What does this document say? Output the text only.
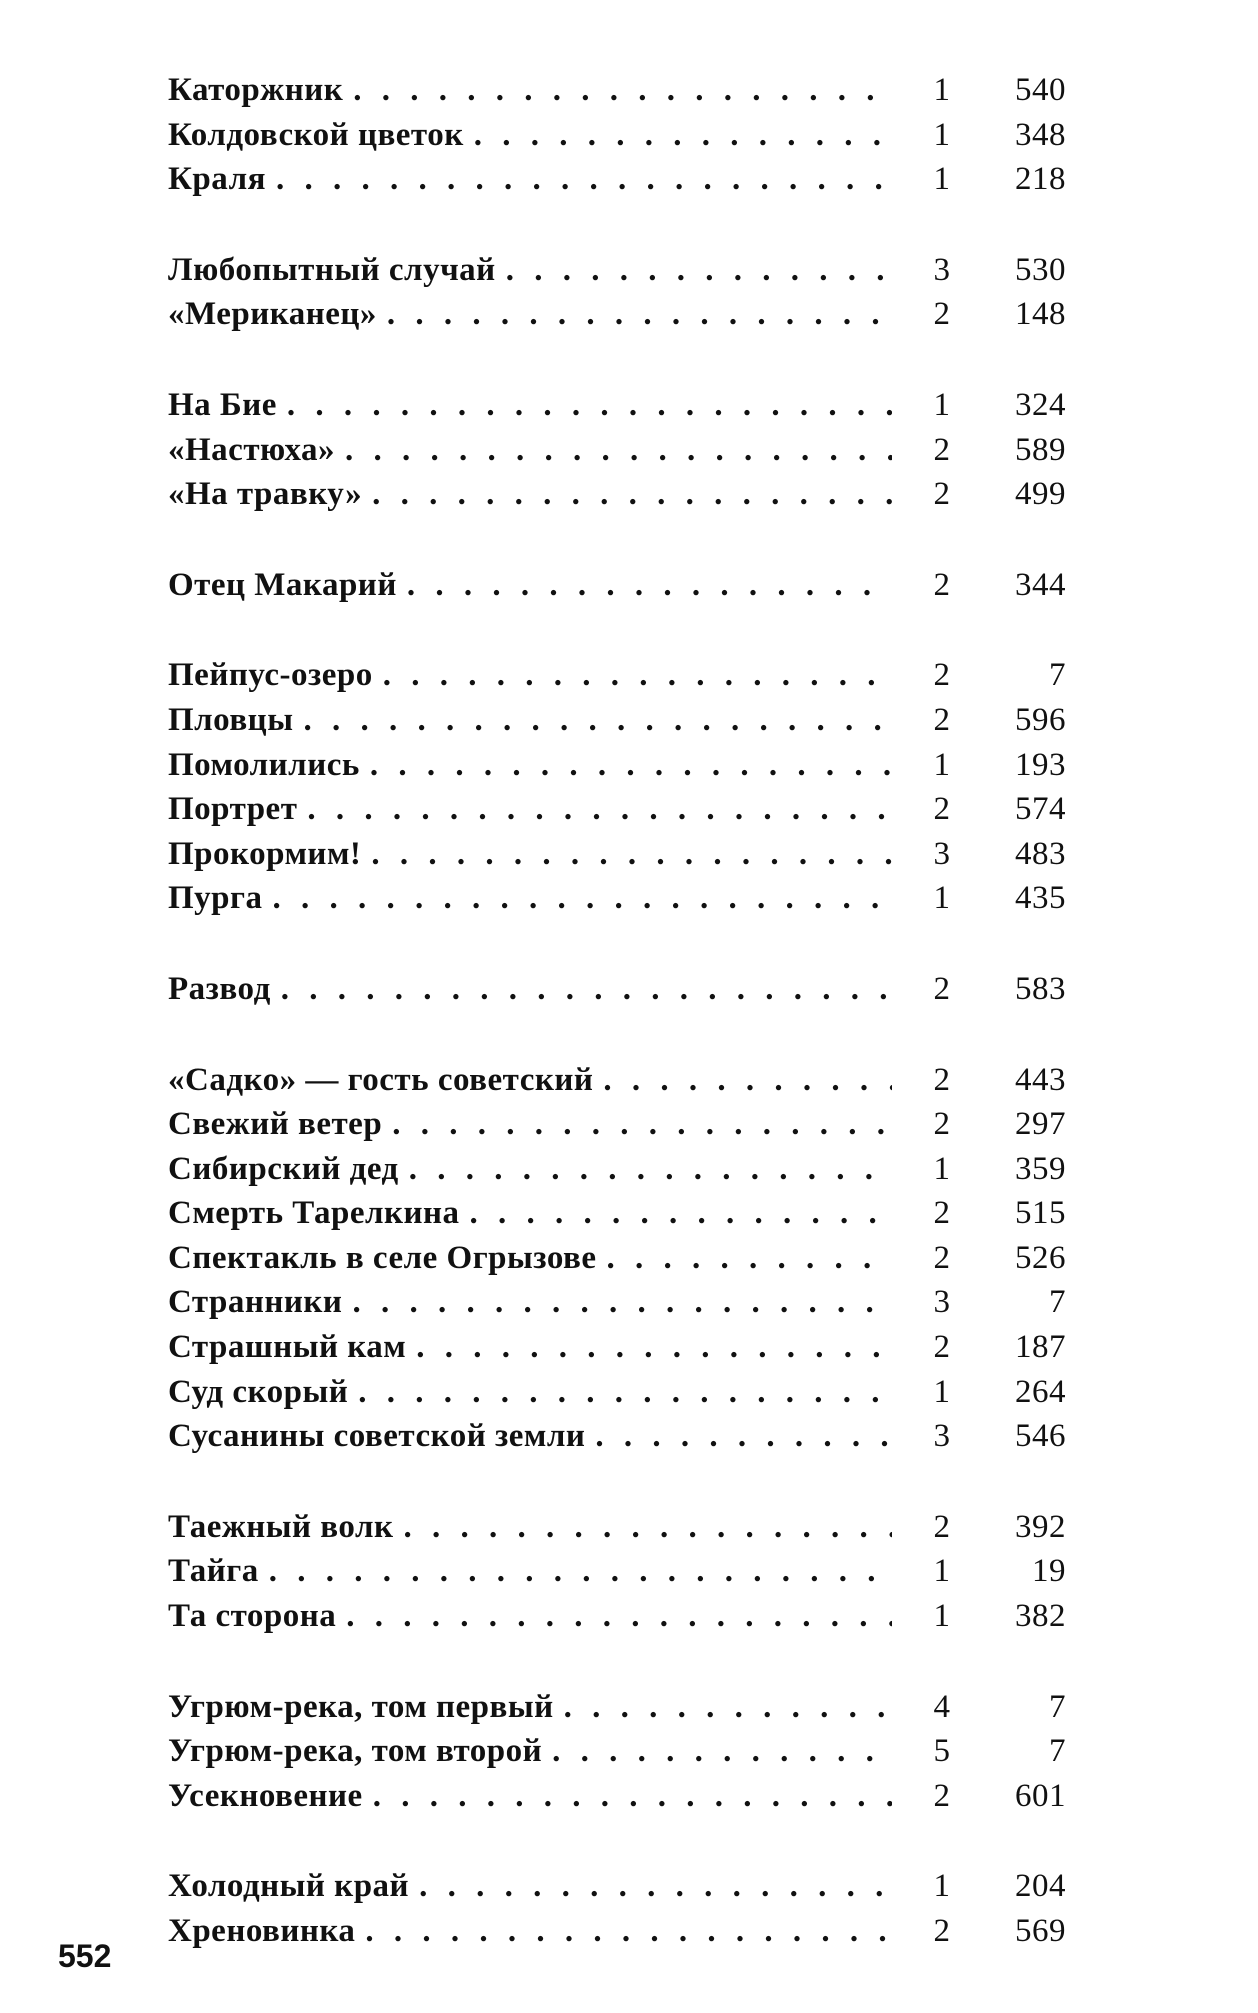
Каторжник . . .	1	540
Колдовской цветок . . .	1	348
Краля . . .	1	218
Любопытный случай . . .	3	530
«Мериканец» . . .	2	148
На Бие . . .	1	324
«Настюха» . . .	2	589
«На травку» . . .	2	499
Отец Макарий . . .	2	344
Пейпус-озеро . . .	2	7
Пловцы . . .	2	596
Помолились . . .	1	193
Портрет . . .	2	574
Прокормим! . . .	3	483
Пурга . . .	1	435
Развод . . .	2	583
«Садко» — гость советский . . .	2	443
Свежий ветер . . .	2	297
Сибирский дед . . .	1	359
Смерть Тарелкина . . .	2	515
Спектакль в селе Огрызове . . .	2	526
Странники . . .	3	7
Страшный кам . . .	2	187
Суд скорый . . .	1	264
Сусанины советской земли . . .	3	546
Таежный волк . . .	2	392
Тайга . . .	1	19
Та сторона . . .	1	382
Угрюм-река, том первый . . .	4	7
Угрюм-река, том второй . . .	5	7
Усекновение . . .	2	601
Холодный край . . .	1	204
Хреновинка . . .	2	569
552
